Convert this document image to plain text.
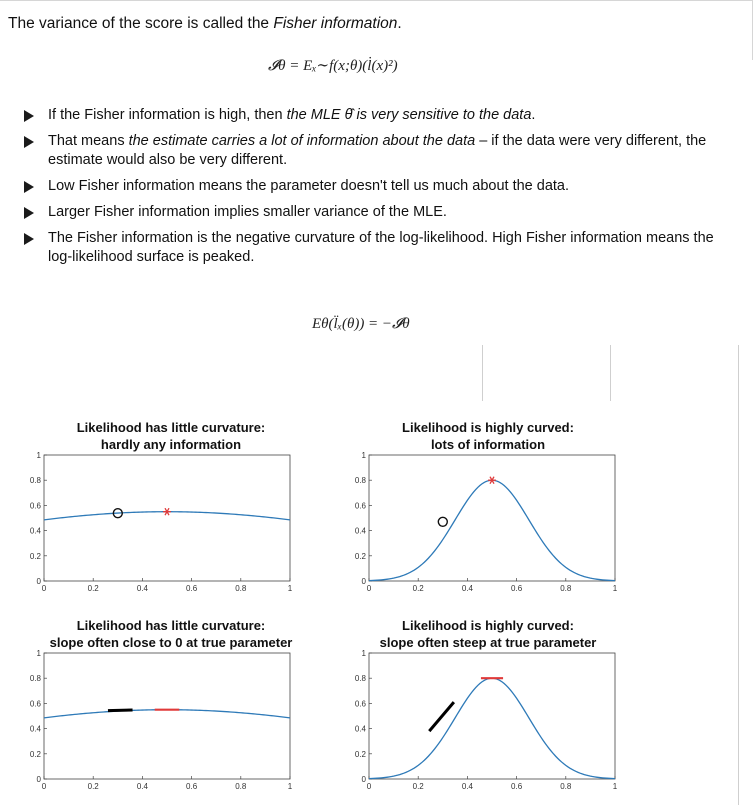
The variance of the score is called the Fisher information.

𝓘θ = Eₓ∼f(x;θ)(l̇(x)²)

If the Fisher information is high, then the MLE θ̂ is very sensitive to the data.
That means the estimate carries a lot of information about the data – if the data were very different, the estimate would also be very different.
Low Fisher information means the parameter doesn't tell us much about the data.
Larger Fisher information implies smaller variance of the MLE.
The Fisher information is the negative curvature of the log-likelihood. High Fisher information means the log-likelihood surface is peaked.

Eθ(l̈ₓ(θ)) = −𝓘θ

Likelihood has little curvature:
hardly any information
0	0.2	0.4	0.6	0.8	1
0
0.2
0.4
0.6
0.8
1
Likelihood is highly curved:
lots of information
0	0.2	0.4	0.6	0.8	1
0
0.2
0.4
0.6
0.8
1
Likelihood has little curvature:
slope often close to 0 at true parameter
0	0.2	0.4	0.6	0.8	1
0
0.2
0.4
0.6
0.8
1
Likelihood is highly curved:
slope often steep at true parameter
0	0.2	0.4	0.6	0.8	1
0
0.2
0.4
0.6
0.8
1
